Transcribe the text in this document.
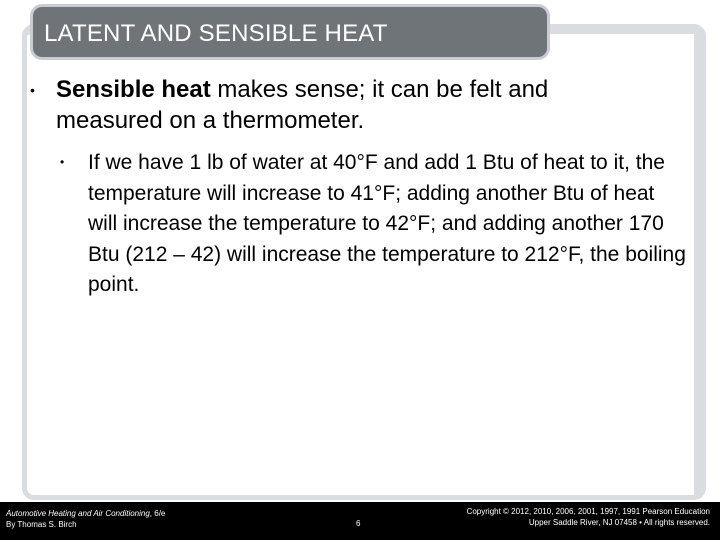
LATENT AND SENSIBLE HEAT
• Sensible heat makes sense; it can be felt and measured on a thermometer.
• If we have 1 lb of water at 40°F and add 1 Btu of heat to it, the temperature will increase to 41°F; adding another Btu of heat will increase the temperature to 42°F; and adding another 170 Btu (212 – 42) will increase the temperature to 212°F, the boiling point.
Automotive Heating and Air Conditioning, 6/e
By Thomas S. Birch	6
Copyright © 2012, 2010, 2006, 2001, 1997, 1991 Pearson Education
Upper Saddle River, NJ 07458 • All rights reserved.
